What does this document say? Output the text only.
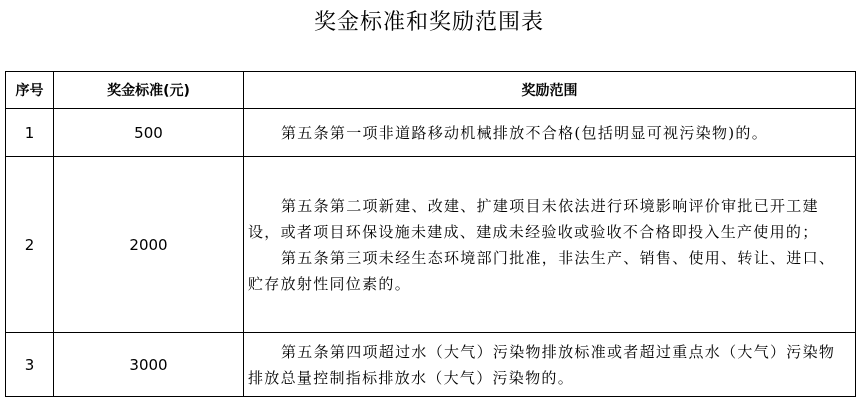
奖金标准和奖励范围表
序号	奖金标准(元)	奖励范围
1	500	第五条第一项非道路移动机械排放不合格(包括明显可视污染物)的。

2	2000	第五条第二项新建、改建、扩建项目未依法进行环境影响评价审批已开工建设，或者项目环保设施未建成、建成未经验收或验收不合格即投入生产使用的；

第五条第三项未经生态环境部门批准，非法生产、销售、使用、转让、进口、贮存放射性同位素的。

3	3000	第五条第四项超过水（大气）污染物排放标准或者超过重点水（大气）污染物排放总量控制指标排放水（大气）污染物的。
